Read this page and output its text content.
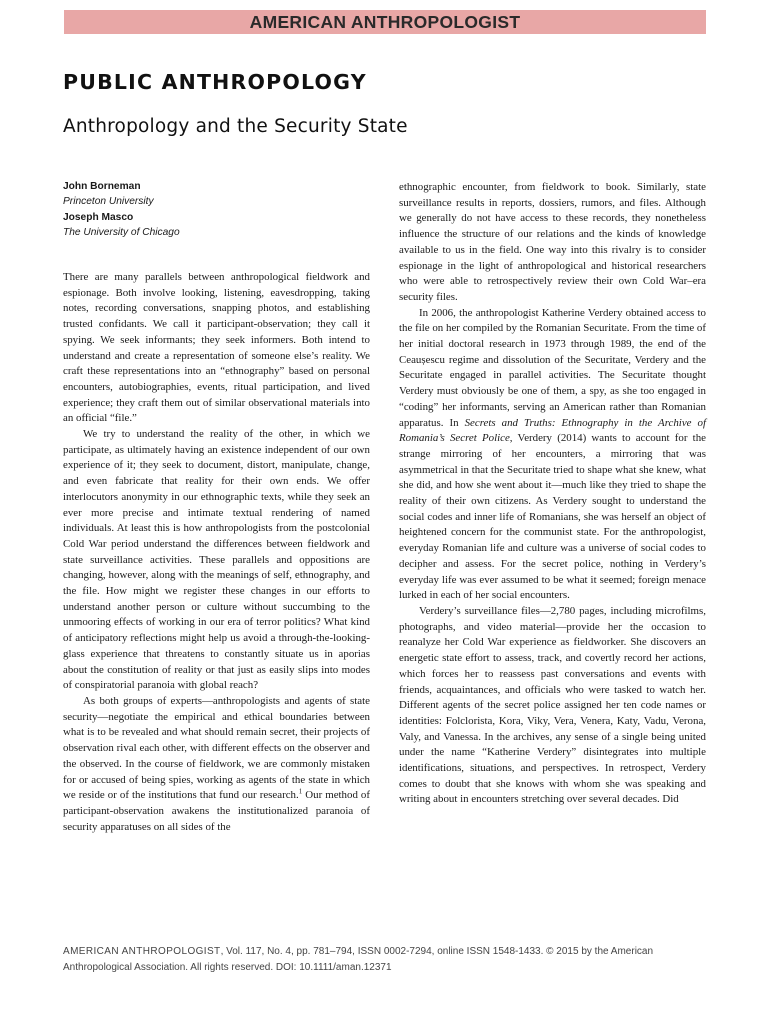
AMERICAN ANTHROPOLOGIST
PUBLIC ANTHROPOLOGY
Anthropology and the Security State
John Borneman
Princeton University
Joseph Masco
The University of Chicago

There are many parallels between anthropological fieldwork and espionage. Both involve looking, listening, eavesdropping, taking notes, recording conversations, snapping photos, and establishing trusted confidants. We call it participant-observation; they call it spying. We seek informants; they seek informers. Both intend to understand and create a representation of someone else’s reality. We craft these representations into an “ethnography” based on personal encounters, autobiographies, events, ritual participation, and lived experience; they craft them out of similar observational materials into an official “file.”

We try to understand the reality of the other, in which we participate, as ultimately having an existence independent of our own experience of it; they seek to document, distort, manipulate, change, and even fabricate that reality for their own ends. We offer interlocutors anonymity in our ethnographic texts, while they seek an ever more precise and intimate textual rendering of named individuals. At least this is how anthropologists from the postcolonial Cold War period understand the differences between fieldwork and state surveillance activities. These parallels and oppositions are changing, however, along with the meanings of self, ethnography, and the file. How might we register these changes in our efforts to understand another person or culture without succumbing to the unmooring effects of working in our era of terror politics? What kind of anticipatory reflections might help us avoid a through-the-looking-glass experience that threatens to constantly situate us in aporias about the constitution of reality or that just as easily slips into modes of conspiratorial paranoia with global reach?

As both groups of experts—anthropologists and agents of state security—negotiate the empirical and ethical boundaries between what is to be revealed and what should remain secret, their projects of observation rival each other, with different effects on the observer and the observed. In the course of fieldwork, we are commonly mistaken for or accused of being spies, working as agents of the state in which we reside or of the institutions that fund our research.$^1$ Our method of participant-observation awakens the institutionalized paranoia of security apparatuses on all sides of the

ethnographic encounter, from fieldwork to book. Similarly, state surveillance results in reports, dossiers, rumors, and files. Although we generally do not have access to these records, they nonetheless influence the structure of our relations and the kinds of knowledge available to us in the field. One way into this rivalry is to consider espionage in the light of anthropological and historical researchers who were able to retrospectively review their own Cold War–era security files.

In 2006, the anthropologist Katherine Verdery obtained access to the file on her compiled by the Romanian Securitate. From the time of her initial doctoral research in 1973 through 1989, the end of the Ceaușescu regime and dissolution of the Securitate, Verdery and the Securitate engaged in parallel activities. The Securitate thought Verdery must obviously be one of them, a spy, as she too engaged in “coding” her informants, serving an American rather than Romanian apparatus. In Secrets and Truths: Ethnography in the Archive of Romania’s Secret Police, Verdery (2014) wants to account for the strange mirroring of her encounters, a mirroring that was asymmetrical in that the Securitate tried to shape what she knew, what she did, and how she went about it—much like they tried to shape the reality of their own citizens. As Verdery sought to understand the social codes and inner life of Romanians, she was herself an object of heightened concern for the communist state. For the anthropologist, everyday Romanian life and culture was a universe of social codes to decipher and assess. For the secret police, nothing in Verdery’s everyday life was ever assumed to be what it seemed; foreign menace lurked in each of her social encounters.

Verdery’s surveillance files—2,780 pages, including microfilms, photographs, and video material—provide her the occasion to reanalyze her Cold War experience as fieldworker. She discovers an energetic state effort to assess, track, and covertly record her actions, which forces her to reassess past conversations and events with friends, acquaintances, and officials who were tasked to watch her. Different agents of the secret police assigned her ten code names or identities: Folclorista, Kora, Viky, Vera, Venera, Katy, Vadu, Verona, Valy, and Vanessa. In the archives, any sense of a single being united under the name “Katherine Verdery” disintegrates into multiple identifications, situations, and perspectives. In retrospect, Verdery comes to doubt that she knows with whom she was speaking and writing about in encounters stretching over several decades. Did

AMERICAN ANTHROPOLOGIST, Vol. 117, No. 4, pp. 781–794, ISSN 0002-7294, online ISSN 1548-1433. © 2015 by the American Anthropological Association. All rights reserved. DOI: 10.1111/aman.12371
